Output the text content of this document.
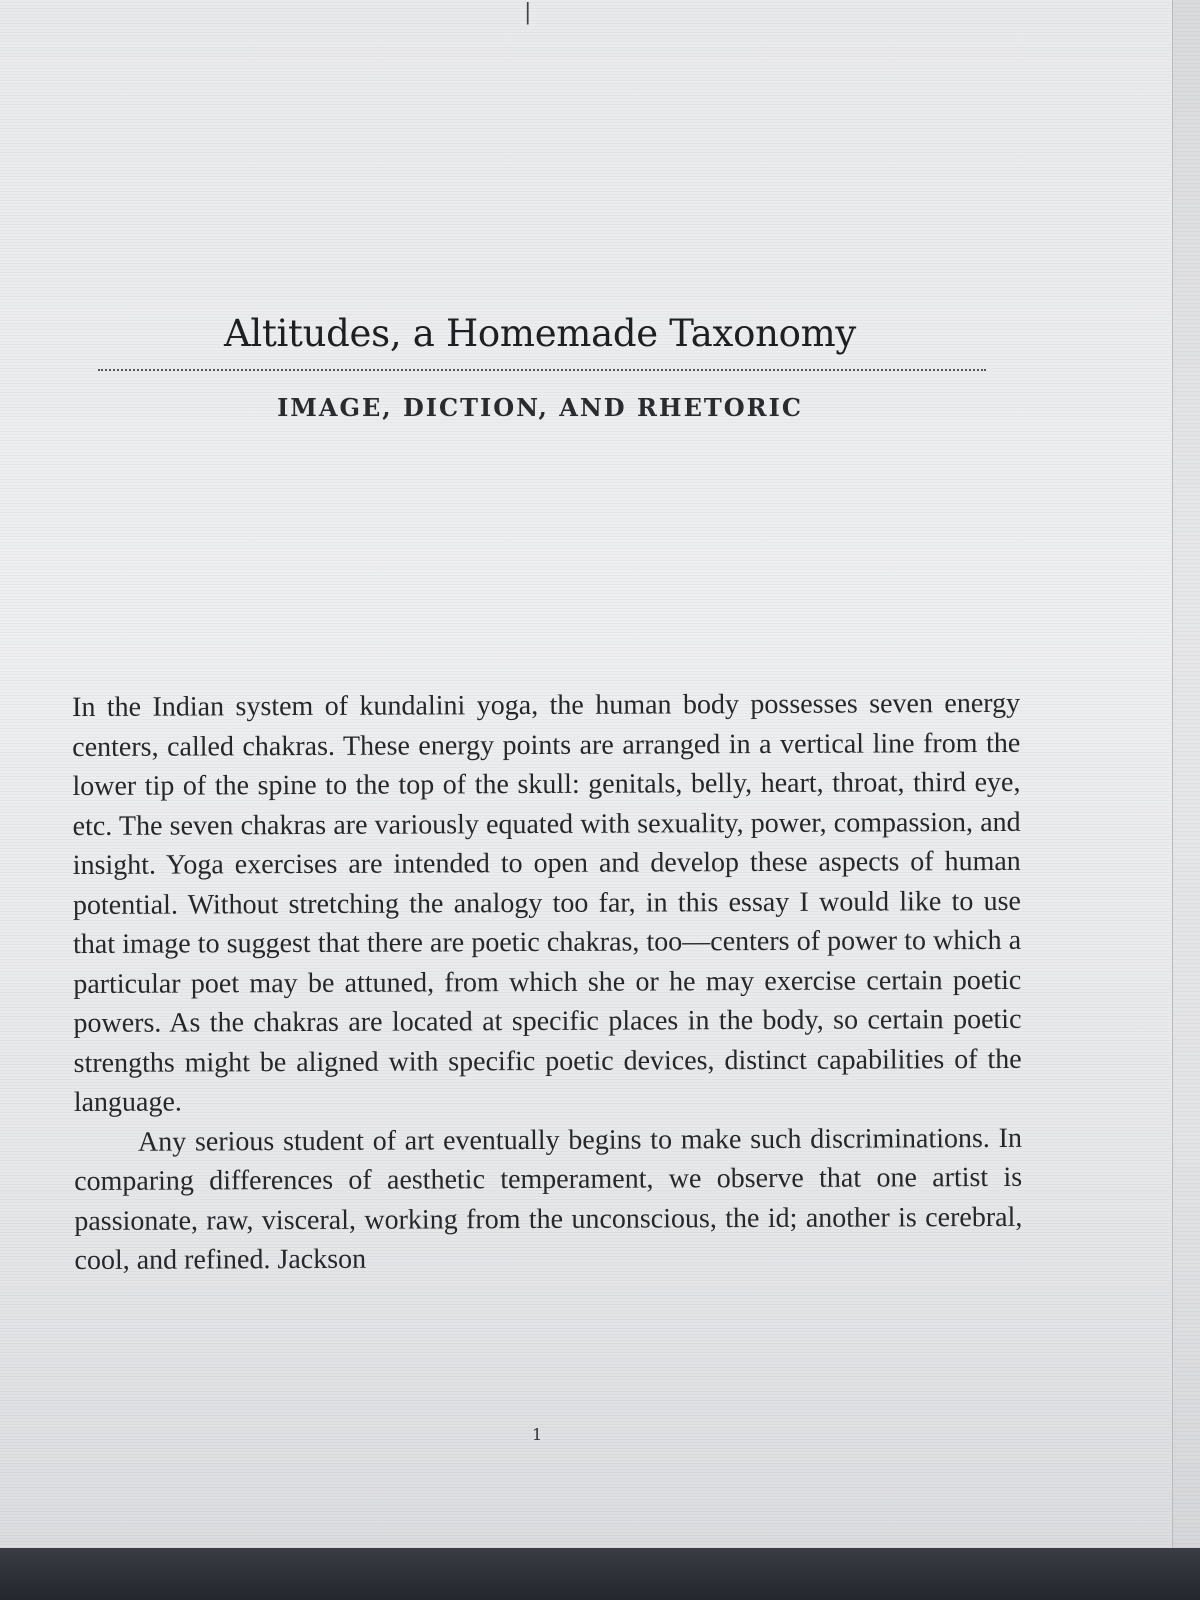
|
Altitudes, a Homemade Taxonomy
IMAGE, DICTION, AND RHETORIC

In the Indian system of kundalini yoga, the human body possesses seven energy centers, called chakras. These energy points are arranged in a vertical line from the lower tip of the spine to the top of the skull: genitals, belly, heart, throat, third eye, etc. The seven chakras are variously equated with sexuality, power, compassion, and insight. Yoga exercises are intended to open and develop these aspects of human potential. Without stretching the analogy too far, in this essay I would like to use that image to suggest that there are poetic chakras, too—centers of power to which a particular poet may be attuned, from which she or he may exercise certain poetic powers. As the chakras are located at specific places in the body, so certain poetic strengths might be aligned with specific poetic devices, distinct capabilities of the language.

Any serious student of art eventually begins to make such discriminations. In comparing differences of aesthetic temperament, we observe that one artist is passionate, raw, visceral, working from the unconscious, the id; another is cerebral, cool, and refined. Jackson

1
